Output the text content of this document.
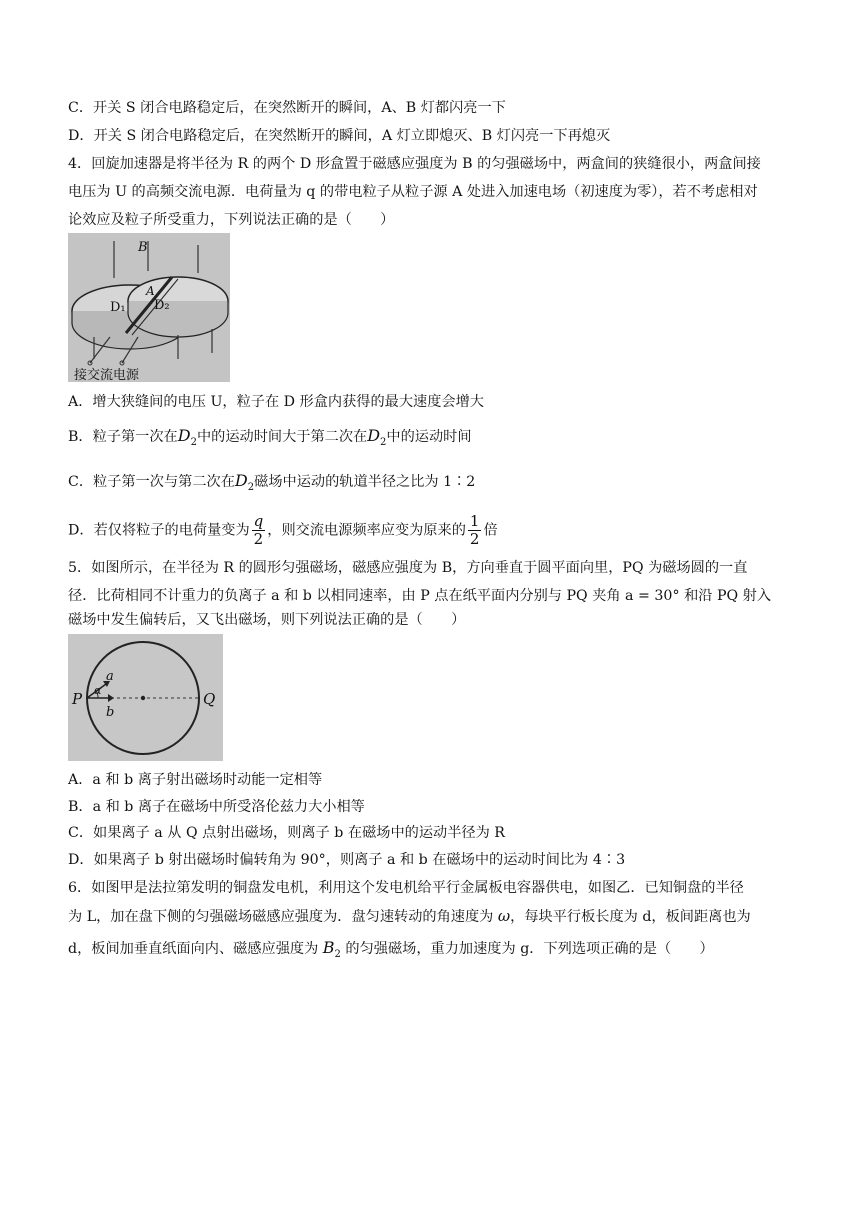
C．开关 S 闭合电路稳定后，在突然断开的瞬间，A、B 灯都闪亮一下
D．开关 S 闭合电路稳定后，在突然断开的瞬间，A 灯立即熄灭、B 灯闪亮一下再熄灭
4．回旋加速器是将半径为 R 的两个 D 形盒置于磁感应强度为 B 的匀强磁场中，两盒间的狭缝很小，两盒间接
电压为 U 的高频交流电源．电荷量为 q 的带电粒子从粒子源 A 处进入加速电场（初速度为零），若不考虑相对
论效应及粒子所受重力，下列说法正确的是（　　）
B
A
D₁ D₂
接交流电源
A．增大狭缝间的电压 U，粒子在 D 形盒内获得的最大速度会增大
B．粒子第一次在$D_2$中的运动时间大于第二次在$D_2$中的运动时间
C．粒子第一次与第二次在$D_2$磁场中运动的轨道半径之比为 1∶2
D．若仅将粒子的电荷量变为 $\frac{q}{2}$ ，则交流电源频率应变为原来的 $\frac{1}{2}$ 倍
5．如图所示，在半径为 R 的圆形匀强磁场，磁感应强度为 B，方向垂直于圆平面向里，PQ 为磁场圆的一直
径．比荷相同不计重力的负离子 a 和 b 以相同速率，由 P 点在纸平面内分别与 PQ 夹角 a = 30° 和沿 PQ 射入
磁场中发生偏转后，又飞出磁场，则下列说法正确的是（　　）
P	Q
a
α
b
A．a 和 b 离子射出磁场时动能一定相等
B．a 和 b 离子在磁场中所受洛伦兹力大小相等
C．如果离子 a 从 Q 点射出磁场，则离子 b 在磁场中的运动半径为 R
D．如果离子 b 射出磁场时偏转角为 90°，则离子 a 和 b 在磁场中的运动时间比为 4∶3
6．如图甲是法拉第发明的铜盘发电机，利用这个发电机给平行金属板电容器供电，如图乙．已知铜盘的半径
为 L，加在盘下侧的匀强磁场磁感应强度为．盘匀速转动的角速度为 ω，每块平行板长度为 d，板间距离也为
d，板间加垂直纸面向内、磁感应强度为 $B_2$ 的匀强磁场，重力加速度为 g．下列选项正确的是（　　）
